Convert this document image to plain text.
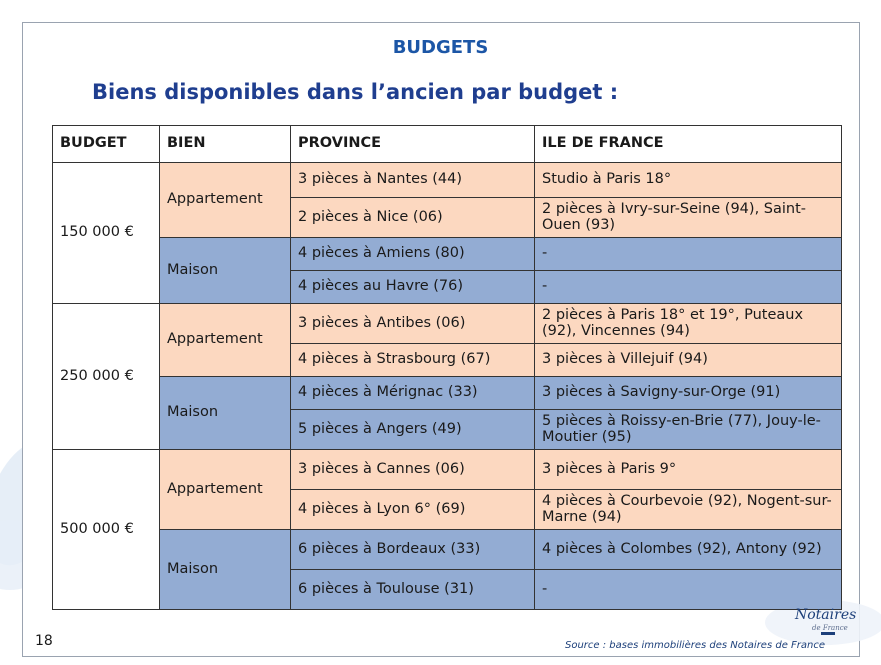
BUDGETS
Biens disponibles dans l’ancien par budget :
BUDGET	BIEN	PROVINCE	ILE DE FRANCE
150 000 €	Appartement	3 pièces à Nantes (44)	Studio à Paris 18°
		2 pièces à Nice (06)	2 pièces à Ivry-sur-Seine (94), Saint-Ouen (93)
	Maison	4 pièces à Amiens (80)	-
		4 pièces au Havre (76)	-
250 000 €	Appartement	3 pièces à Antibes (06)	2 pièces à Paris 18° et 19°, Puteaux (92), Vincennes (94)
		4 pièces à Strasbourg (67)	3 pièces à Villejuif (94)
	Maison	4 pièces à Mérignac (33)	3 pièces à Savigny-sur-Orge (91)
		5 pièces à Angers (49)	5 pièces à Roissy-en-Brie (77), Jouy-le-Moutier (95)
500 000 €	Appartement	3 pièces à Cannes (06)	3 pièces à Paris 9°
		4 pièces à Lyon 6° (69)	4 pièces à Courbevoie (92), Nogent-sur-Marne (94)
	Maison	6 pièces à Bordeaux (33)	4 pièces à Colombes (92), Antony (92)
		6 pièces à Toulouse (31)	-
Notaires
de France
18	Source : bases immobilières des Notaires de France
